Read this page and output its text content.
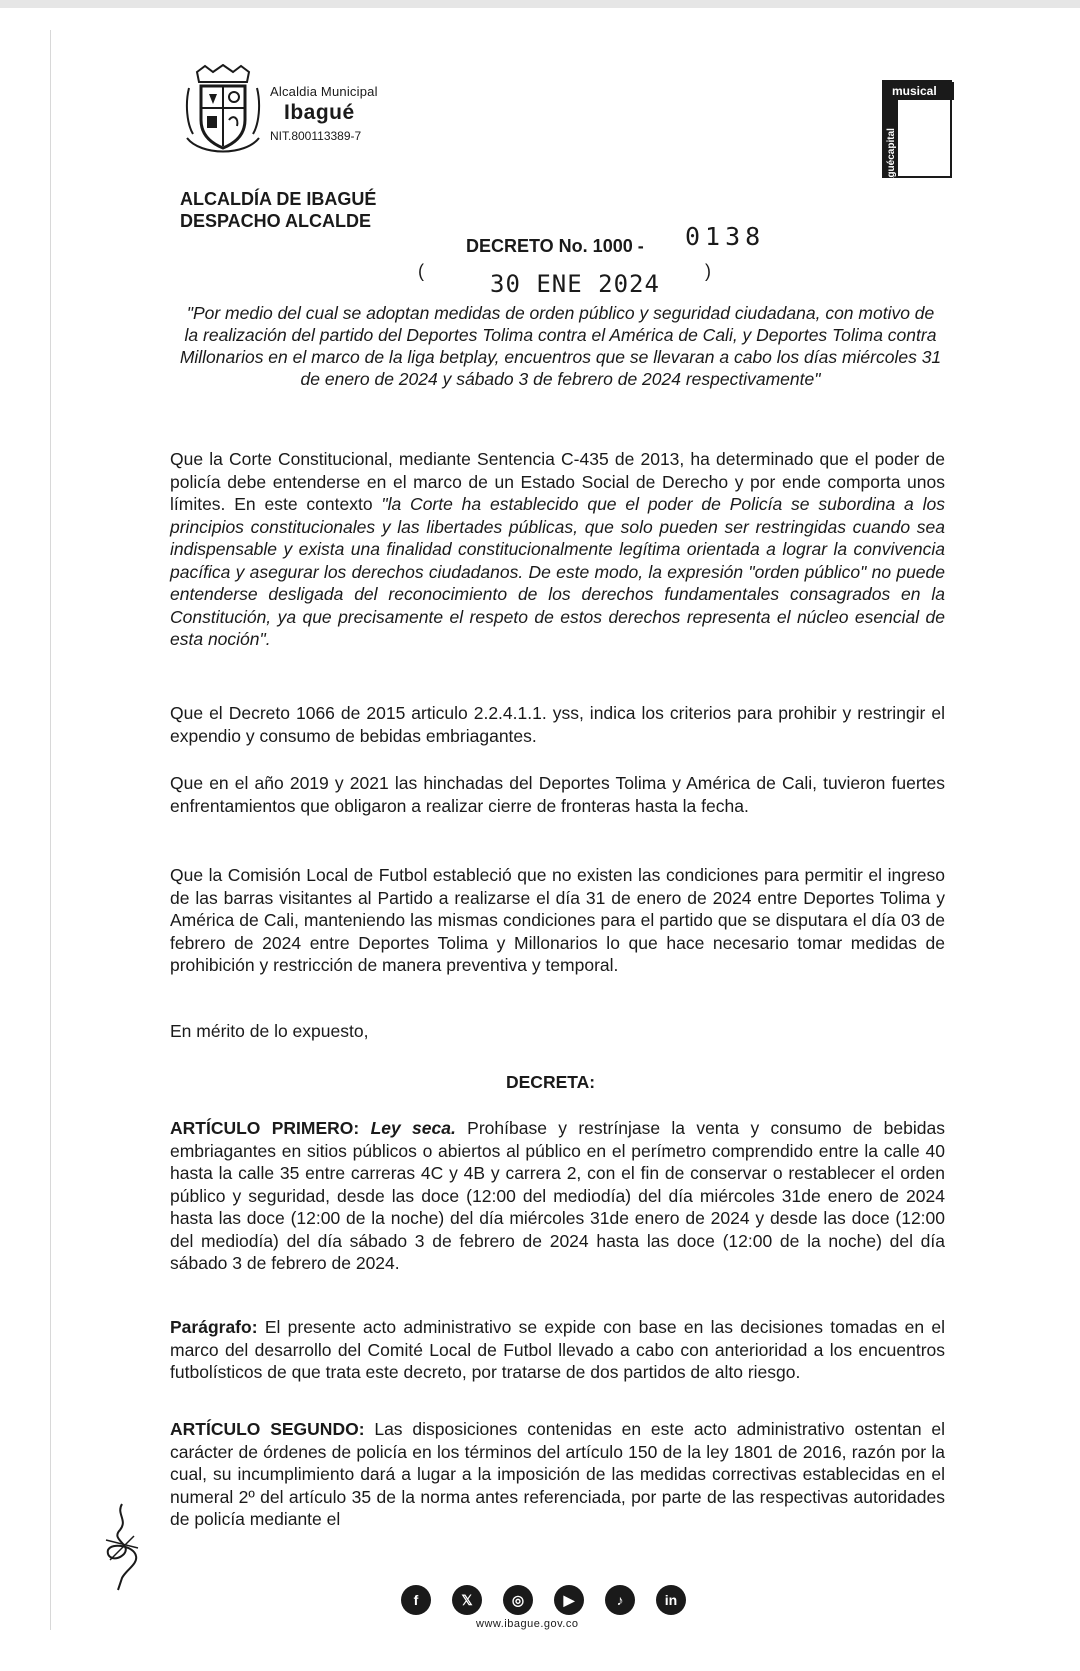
Alcaldia Municipal
Ibagué
NIT.800113389-7
musical
ibaguécapital
ALCALDÍA DE IBAGUÉ
DESPACHO ALCALDE
DECRETO No. 1000 - 0138
(	30 ENE 2024	)
"Por medio del cual se adoptan medidas de orden público y seguridad ciudadana, con motivo de la realización del partido del Deportes Tolima contra el América de Cali, y Deportes Tolima contra Millonarios en el marco de la liga betplay, encuentros que se llevaran a cabo los días miércoles 31 de enero de 2024 y sábado 3 de febrero de 2024 respectivamente"
Que la Corte Constitucional, mediante Sentencia C-435 de 2013, ha determinado que el poder de policía debe entenderse en el marco de un Estado Social de Derecho y por ende comporta unos límites. En este contexto "la Corte ha establecido que el poder de Policía se subordina a los principios constitucionales y las libertades públicas, que solo pueden ser restringidas cuando sea indispensable y exista una finalidad constitucionalmente legítima orientada a lograr la convivencia pacífica y asegurar los derechos ciudadanos. De este modo, la expresión "orden público" no puede entenderse desligada del reconocimiento de los derechos fundamentales consagrados en la Constitución, ya que precisamente el respeto de estos derechos representa el núcleo esencial de esta noción".
Que el Decreto 1066 de 2015 articulo 2.2.4.1.1. yss, indica los criterios para prohibir y restringir el expendio y consumo de bebidas embriagantes.
Que en el año 2019 y 2021 las hinchadas del Deportes Tolima y América de Cali, tuvieron fuertes enfrentamientos que obligaron a realizar cierre de fronteras hasta la fecha.
Que la Comisión Local de Futbol estableció que no existen las condiciones para permitir el ingreso de las barras visitantes al Partido a realizarse el día 31 de enero de 2024 entre Deportes Tolima y América de Cali, manteniendo las mismas condiciones para el partido que se disputara el día 03 de febrero de 2024 entre Deportes Tolima y Millonarios lo que hace necesario tomar medidas de prohibición y restricción de manera preventiva y temporal.
En mérito de lo expuesto,
DECRETA:
ARTÍCULO PRIMERO: Ley seca. Prohíbase y restrínjase la venta y consumo de bebidas embriagantes en sitios públicos o abiertos al público en el perímetro comprendido entre la calle 40 hasta la calle 35 entre carreras 4C y 4B y carrera 2, con el fin de conservar o restablecer el orden público y seguridad, desde las doce (12:00 del mediodía) del día miércoles 31de enero de 2024 hasta las doce (12:00 de la noche) del día miércoles 31de enero de 2024 y desde las doce (12:00 del mediodía) del día sábado 3 de febrero de 2024 hasta las doce (12:00 de la noche) del día sábado 3 de febrero de 2024.
Parágrafo: El presente acto administrativo se expide con base en las decisiones tomadas en el marco del desarrollo del Comité Local de Futbol llevado a cabo con anterioridad a los encuentros futbolísticos de que trata este decreto, por tratarse de dos partidos de alto riesgo.
ARTÍCULO SEGUNDO: Las disposiciones contenidas en este acto administrativo ostentan el carácter de órdenes de policía en los términos del artículo 150 de la ley 1801 de 2016, razón por la cual, su incumplimiento dará a lugar a la imposición de las medidas correctivas establecidas en el numeral 2º del artículo 35 de la norma antes referenciada, por parte de las respectivas autoridades de policía mediante el
f	𝕏	◎	▶	♪	in
www.ibague.gov.co
